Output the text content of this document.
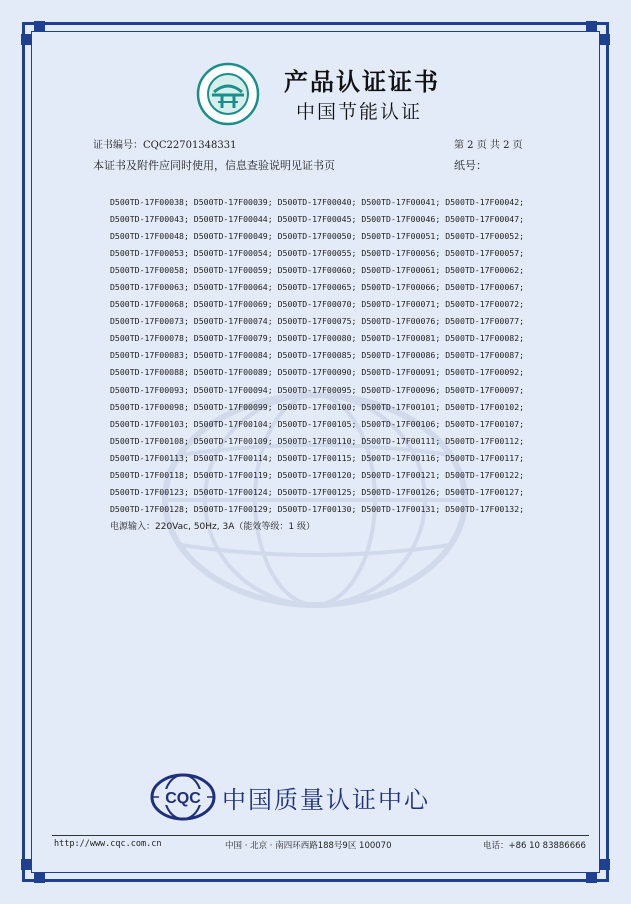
产品认证证书
中国节能认证
证书编号：CQC22701348331	第 2 页 共 2 页
本证书及附件应同时使用，信息查验说明见证书页	纸号：
D500TD-17F00038; D500TD-17F00039; D500TD-17F00040; D500TD-17F00041; D500TD-17F00042;
D500TD-17F00043; D500TD-17F00044; D500TD-17F00045; D500TD-17F00046; D500TD-17F00047;
D500TD-17F00048; D500TD-17F00049; D500TD-17F00050; D500TD-17F00051; D500TD-17F00052;
D500TD-17F00053; D500TD-17F00054; D500TD-17F00055; D500TD-17F00056; D500TD-17F00057;
D500TD-17F00058; D500TD-17F00059; D500TD-17F00060; D500TD-17F00061; D500TD-17F00062;
D500TD-17F00063; D500TD-17F00064; D500TD-17F00065; D500TD-17F00066; D500TD-17F00067;
D500TD-17F00068; D500TD-17F00069; D500TD-17F00070; D500TD-17F00071; D500TD-17F00072;
D500TD-17F00073; D500TD-17F00074; D500TD-17F00075; D500TD-17F00076; D500TD-17F00077;
D500TD-17F00078; D500TD-17F00079; D500TD-17F00080; D500TD-17F00081; D500TD-17F00082;
D500TD-17F00083; D500TD-17F00084; D500TD-17F00085; D500TD-17F00086; D500TD-17F00087;
D500TD-17F00088; D500TD-17F00089; D500TD-17F00090; D500TD-17F00091; D500TD-17F00092;
D500TD-17F00093; D500TD-17F00094; D500TD-17F00095; D500TD-17F00096; D500TD-17F00097;
D500TD-17F00098; D500TD-17F00099; D500TD-17F00100; D500TD-17F00101; D500TD-17F00102;
D500TD-17F00103; D500TD-17F00104; D500TD-17F00105; D500TD-17F00106; D500TD-17F00107;
D500TD-17F00108; D500TD-17F00109; D500TD-17F00110; D500TD-17F00111; D500TD-17F00112;
D500TD-17F00113; D500TD-17F00114; D500TD-17F00115; D500TD-17F00116; D500TD-17F00117;
D500TD-17F00118; D500TD-17F00119; D500TD-17F00120; D500TD-17F00121; D500TD-17F00122;
D500TD-17F00123; D500TD-17F00124; D500TD-17F00125; D500TD-17F00126; D500TD-17F00127;
D500TD-17F00128; D500TD-17F00129; D500TD-17F00130; D500TD-17F00131; D500TD-17F00132;
电源输入：220Vac, 50Hz, 3A（能效等级：1 级）
CQC 中国质量认证中心
http://www.cqc.com.cn	中国 · 北京 · 南四环西路188号9区 100070	电话：+86 10 83886666
